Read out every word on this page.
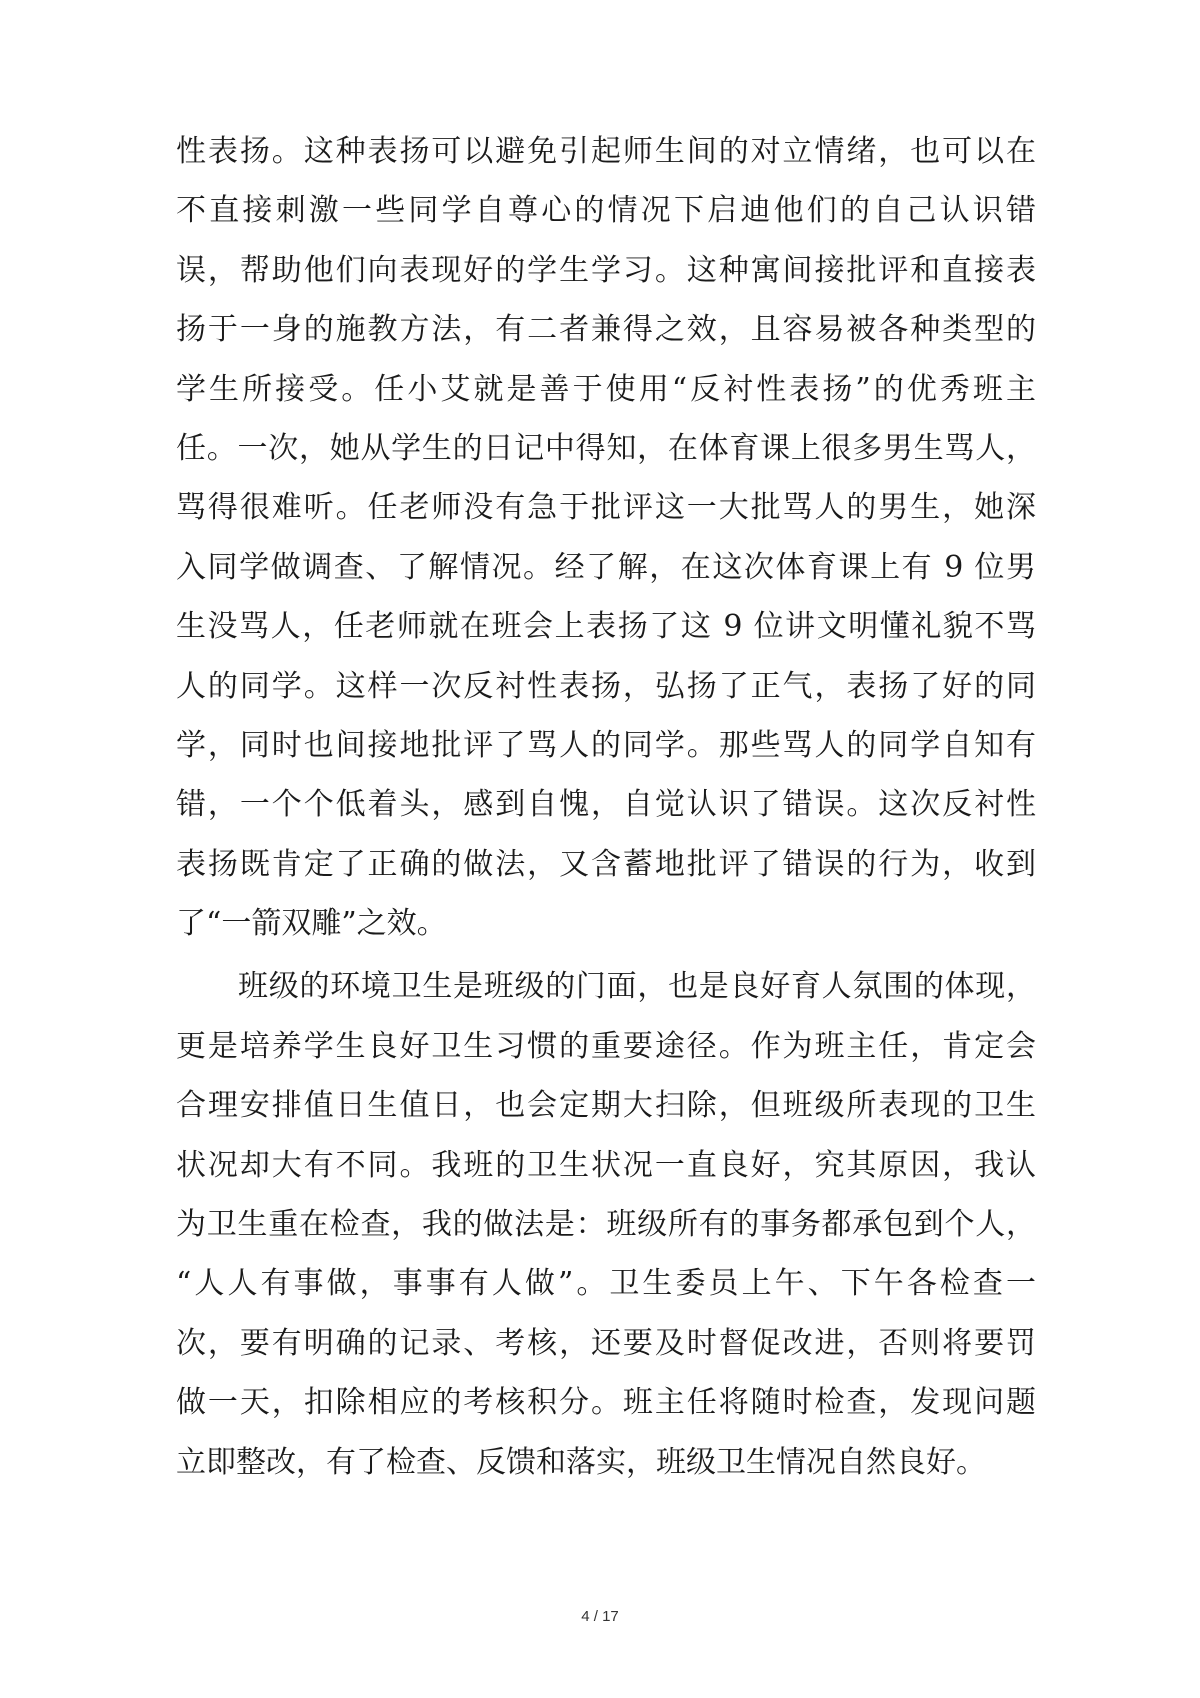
性表扬。这种表扬可以避免引起师生间的对立情绪，也可以在
不直接刺激一些同学自尊心的情况下启迪他们的自己认识错
误，帮助他们向表现好的学生学习。这种寓间接批评和直接表
扬于一身的施教方法，有二者兼得之效，且容易被各种类型的
学生所接受。任小艾就是善于使用“反衬性表扬”的优秀班主
任。一次，她从学生的日记中得知，在体育课上很多男生骂人，
骂得很难听。任老师没有急于批评这一大批骂人的男生，她深
入同学做调查、了解情况。经了解，在这次体育课上有 9 位男
生没骂人，任老师就在班会上表扬了这 9 位讲文明懂礼貌不骂
人的同学。这样一次反衬性表扬，弘扬了正气，表扬了好的同
学，同时也间接地批评了骂人的同学。那些骂人的同学自知有
错，一个个低着头，感到自愧，自觉认识了错误。这次反衬性
表扬既肯定了正确的做法，又含蓄地批评了错误的行为，收到
了“一箭双雕”之效。
班级的环境卫生是班级的门面，也是良好育人氛围的体现，
更是培养学生良好卫生习惯的重要途径。作为班主任，肯定会
合理安排值日生值日，也会定期大扫除，但班级所表现的卫生
状况却大有不同。我班的卫生状况一直良好，究其原因，我认
为卫生重在检查，我的做法是：班级所有的事务都承包到个人，
“人人有事做，事事有人做”。卫生委员上午、下午各检查一
次，要有明确的记录、考核，还要及时督促改进，否则将要罚
做一天，扣除相应的考核积分。班主任将随时检查，发现问题
立即整改，有了检查、反馈和落实，班级卫生情况自然良好。
4 / 17
